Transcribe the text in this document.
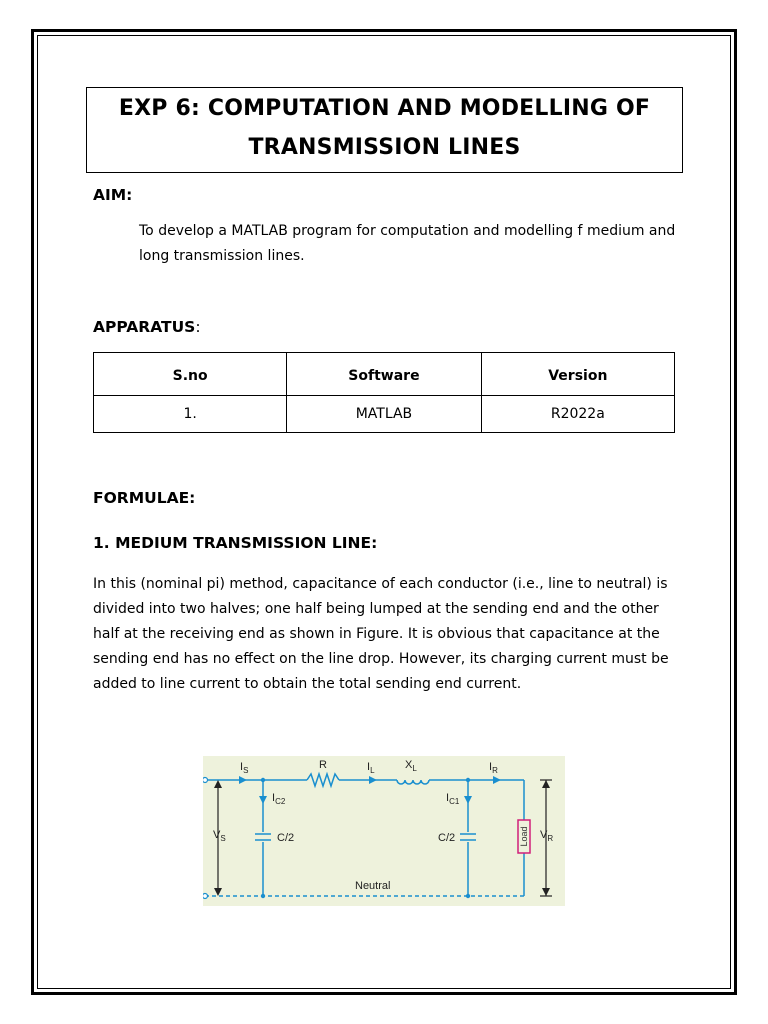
EXP 6: COMPUTATION AND MODELLING OF
TRANSMISSION LINES
AIM:
To develop a MATLAB program for computation and modelling f medium and
long transmission lines.
APPARATUS:
S.no	Software	Version
1.	MATLAB	R2022a
FORMULAE:
1. MEDIUM TRANSMISSION LINE:
In this (nominal pi) method, capacitance of each conductor (i.e., line to neutral) is
divided into two halves; one half being lumped at the sending end and the other
half at the receiving end as shown in Figure. It is obvious that capacitance at the
sending end has no effect on the line drop. However, its charging current must be
added to line current to obtain the total sending end current.
Load
$I_S$	R	$I_L$	$X_L$	$I_R$
$I_{C2}$	$I_{C1}$
$V_S$	$V_R$
C/2	C/2
Neutral
